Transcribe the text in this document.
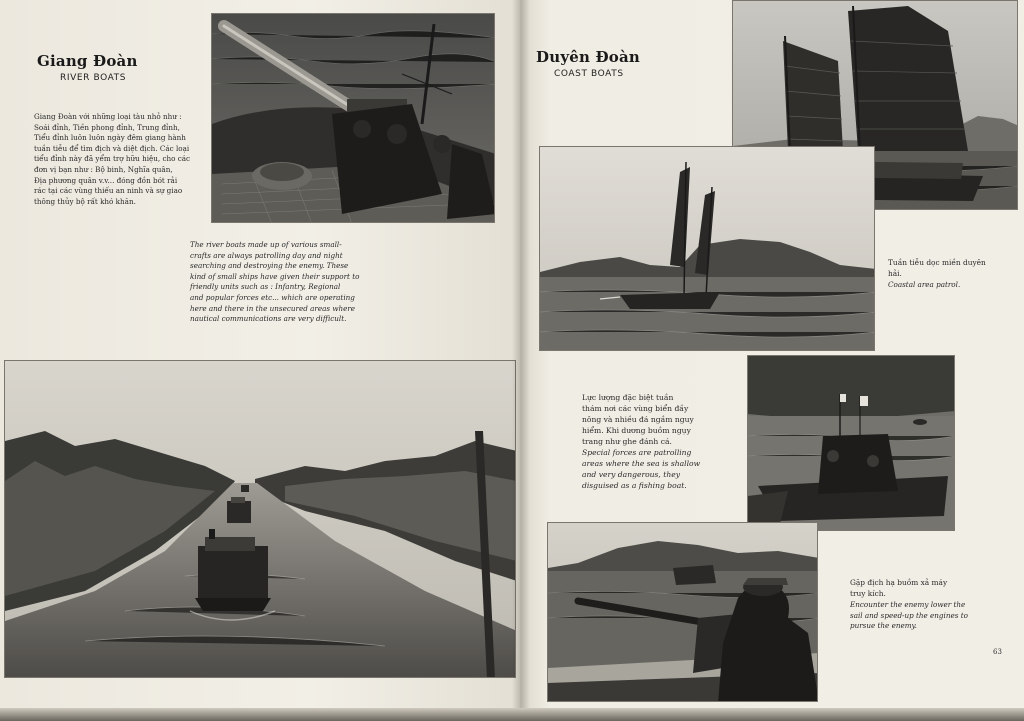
Giang Đoàn
RIVER BOATS
Giang Đoàn với những loại tàu nhỏ như :
Soái đỉnh, Tiền phong đỉnh, Trung đỉnh,
Tiểu đỉnh luôn luôn ngày đêm giang hành
tuần tiễu để tìm địch và diệt địch. Các loại
tiểu đỉnh này đã yểm trợ hữu hiệu, cho các
đơn vị bạn như : Bộ binh, Nghĩa quân,
Địa phương quân v.v... đóng đồn bót rải
rác tại các vùng thiếu an ninh và sự giao
thông thủy bộ rất khó khăn.
The river boats made up of various small-
crafts are always patrolling day and night
searching and destroying the enemy. These
kind of small ships have given their support to
friendly units such as : Infantry, Regional
and popular forces etc... which are operating
here and there in the unsecured areas where
nautical communications are very difficult.
Duyên Đoàn
COAST BOATS
Tuần tiễu dọc miền duyên
hải.
Coastal area patrol.
Lực lượng đặc biệt tuần
thám nơi các vùng biển đầy
nông và nhiều đá ngầm nguy
hiểm. Khi dương buồm ngụy
trang như ghe đánh cá.
Special forces are patrolling
areas where the sea is shallow
and very dangerous, they
disguised as a fishing boat.
Gặp địch hạ buồm xả máy
truy kích.
Encounter the enemy lower the
sail and speed-up the engines to
pursue the enemy.
63
